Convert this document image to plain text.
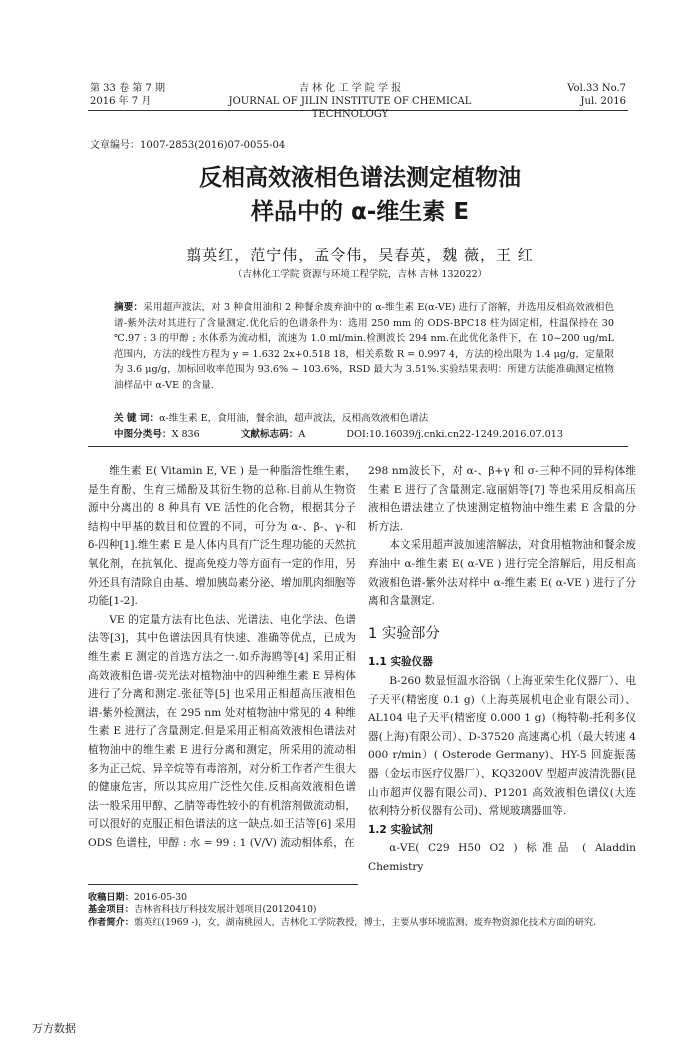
第 33 卷 第 7 期
2016 年 7 月
吉 林 化 工 学 院 学 报
JOURNAL OF JILIN INSTITUTE OF CHEMICAL TECHNOLOGY
Vol.33 No.7
Jul. 2016
文章编号：1007-2853(2016)07-0055-04
反相高效液相色谱法测定植物油
样品中的 α-维生素 E
翦英红，范宁伟，孟令伟，吴春英，魏 薇，王 红
（吉林化工学院 资源与环境工程学院，吉林 吉林 132022）
摘要：采用超声波法，对 3 种食用油和 2 种餐余废弃油中的 α-维生素 E(α-VE) 进行了溶解，并选用反相高效液相色谱-紫外法对其进行了含量测定.优化后的色谱条件为：选用 250 mm 的 ODS-BPC18 柱为固定相，柱温保持在 30 ℃.97 : 3 的甲醇 ; 水体系为流动相，流速为 1.0 ml/min.检测波长 294 nm.在此优化条件下，在 10~200 ug/mL 范围内，方法的线性方程为 y = 1.632 2x+0.518 18，相关系数 R = 0.997 4，方法的检出限为 1.4 μg/g，定量限为 3.6 μg/g，加标回收率范围为 93.6% ~ 103.6%，RSD 最大为 3.51%.实验结果表明：所建方法能准确测定植物油样品中 α-VE 的含量.
关 键 词：α-维生素 E，食用油，餐余油，超声波法，反相高效液相色谱法
中图分类号：X 836	文献标志码：A	DOI:10.16039/j.cnki.cn22-1249.2016.07.013

维生素 E( Vitamin E, VE ) 是一种脂溶性维生素，是生育酚、生育三烯酚及其衍生物的总称.目前从生物资源中分离出的 8 种具有 VE 活性的化合物，根据其分子结构中甲基的数目和位置的不同，可分为 α-、β-、γ-和 δ-四种[1].维生素 E 是人体内具有广泛生理功能的天然抗氧化剂，在抗氧化、提高免疫力等方面有一定的作用，另外还具有清除自由基、增加胰岛素分泌、增加肌肉细胞等功能[1-2].

VE 的定量方法有比色法、光谱法、电化学法、色谱法等[3]，其中色谱法因具有快速、准确等优点，已成为维生素 E 测定的首选方法之一.如乔海鸥等[4] 采用正相高效液相色谱-荧光法对植物油中的四种维生素 E 异构体进行了分离和测定.张征等[5] 也采用正相超高压液相色谱-紫外检测法，在 295 nm 处对植物油中常见的 4 种维生素 E 进行了含量测定.但是采用正相高效液相色谱法对植物油中的维生素 E 进行分离和测定，所采用的流动相多为正己烷、异辛烷等有毒溶剂，对分析工作者产生很大的健康危害，所以其应用广泛性欠佳.反相高效液相色谱法一般采用甲醇、乙腈等毒性较小的有机溶剂做流动相，可以很好的克服正相色谱法的这一缺点.如王洁等[6] 采用 ODS 色谱柱，甲醇 : 水 = 99 : 1 (V/V) 流动相体系，在

298 nm波长下，对 α-、β+γ 和 σ-三种不同的异构体维生素 E 进行了含量测定.寇丽娟等[7] 等也采用反相高压液相色谱法建立了快速测定植物油中维生素 E 含量的分析方法.

本文采用超声波加速溶解法，对食用植物油和餐余废弃油中 α-维生素 E( α-VE ) 进行完全溶解后，用反相高效液相色谱-紫外法对样中 α-维生素 E( α-VE ) 进行了分离和含量测定.

1 实验部分
1.1 实验仪器

B-260 数显恒温水浴锅（上海亚荣生化仪器厂）、电子天平(精密度 0.1 g)（上海英展机电企业有限公司）、AL104 电子天平(精密度 0.000 1 g)（梅特勒-托利多仪器(上海)有限公司）、D-37520 高速离心机（最大转速 4 000 r/min）( Osterode Germany)、HY-5 回旋振荡器（金坛市医疗仪器厂）、KQ3200V 型超声波清洗器(昆山市超声仪器有限公司)、P1201 高效液相色谱仪(大连依利特分析仪器有公司)、常规玻璃器皿等.

1.2 实验试剂

α-VE( C29 H50 O2 ) 标准品 ( Aladdin Chemistry

收稿日期：2016-05-30
基金项目：吉林省科技厅科技发展计划项目(20120410)
作者简介：翦英红(1969 -)，女，湖南桃园人，吉林化工学院教授，博士，主要从事环境监测、废弃物资源化技术方面的研究.
万方数据
